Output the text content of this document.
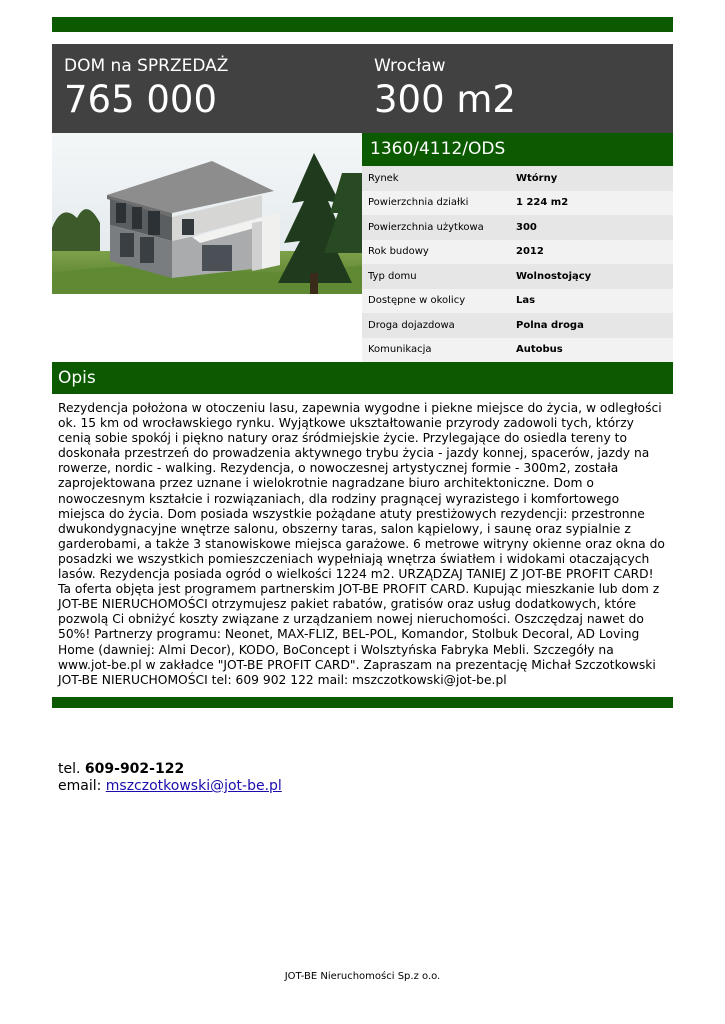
DOM na SPRZEDAŻ
765 000
Wrocław
300 m2
1360/4112/ODS
Rynek	Wtórny
Powierzchnia działki	1 224 m2
Powierzchnia użytkowa	300
Rok budowy	2012
Typ domu	Wolnostojący
Dostępne w okolicy	Las
Droga dojazdowa	Polna droga
Komunikacja	Autobus
Opis

Rezydencja położona w otoczeniu lasu, zapewnia wygodne i piekne miejsce do życia, w odległości ok. 15 km od wrocławskiego rynku. Wyjątkowe ukształtowanie przyrody zadowoli tych, którzy cenią sobie spokój i piękno natury oraz śródmiejskie życie. Przylegające do osiedla tereny to doskonała przestrzeń do prowadzenia aktywnego trybu życia - jazdy konnej, spacerów, jazdy na rowerze, nordic - walking. Rezydencja, o nowoczesnej artystycznej formie - 300m2, została zaprojektowana przez uznane i wielokrotnie nagradzane biuro architektoniczne. Dom o nowoczesnym kształcie i rozwiązaniach, dla rodziny pragnącej wyrazistego i komfortowego miejsca do życia. Dom posiada wszystkie pożądane atuty prestiżowych rezydencji: przestronne dwukondygnacyjne wnętrze salonu, obszerny taras, salon kąpielowy, i saunę oraz sypialnie z garderobami, a także 3 stanowiskowe miejsca garażowe. 6 metrowe witryny okienne oraz okna do posadzki we wszystkich pomieszczeniach wypełniają wnętrza światłem i widokami otaczających lasów. Rezydencja posiada ogród o wielkości 1224 m2. URZĄDZAJ TANIEJ Z JOT-BE PROFIT CARD! Ta oferta objęta jest programem partnerskim JOT-BE PROFIT CARD. Kupując mieszkanie lub dom z JOT-BE NIERUCHOMOŚCI otrzymujesz pakiet rabatów, gratisów oraz usług dodatkowych, które pozwolą Ci obniżyć koszty związane z urządzaniem nowej nieruchomości. Oszczędzaj nawet do 50%! Partnerzy programu: Neonet, MAX-FLIZ, BEL-POL, Komandor, Stolbuk Decoral, AD Loving Home (dawniej: Almi Decor), KODO, BoConcept i Wolsztyńska Fabryka Mebli. Szczegóły na www.jot-be.pl w zakładce "JOT-BE PROFIT CARD". Zapraszam na prezentację Michał Szczotkowski JOT-BE NIERUCHOMOŚCI tel: 609 902 122 mail: mszczotkowski@jot-be.pl

tel. 609-902-122
email: mszczotkowski@jot-be.pl
JOT-BE Nieruchomości Sp.z o.o.
